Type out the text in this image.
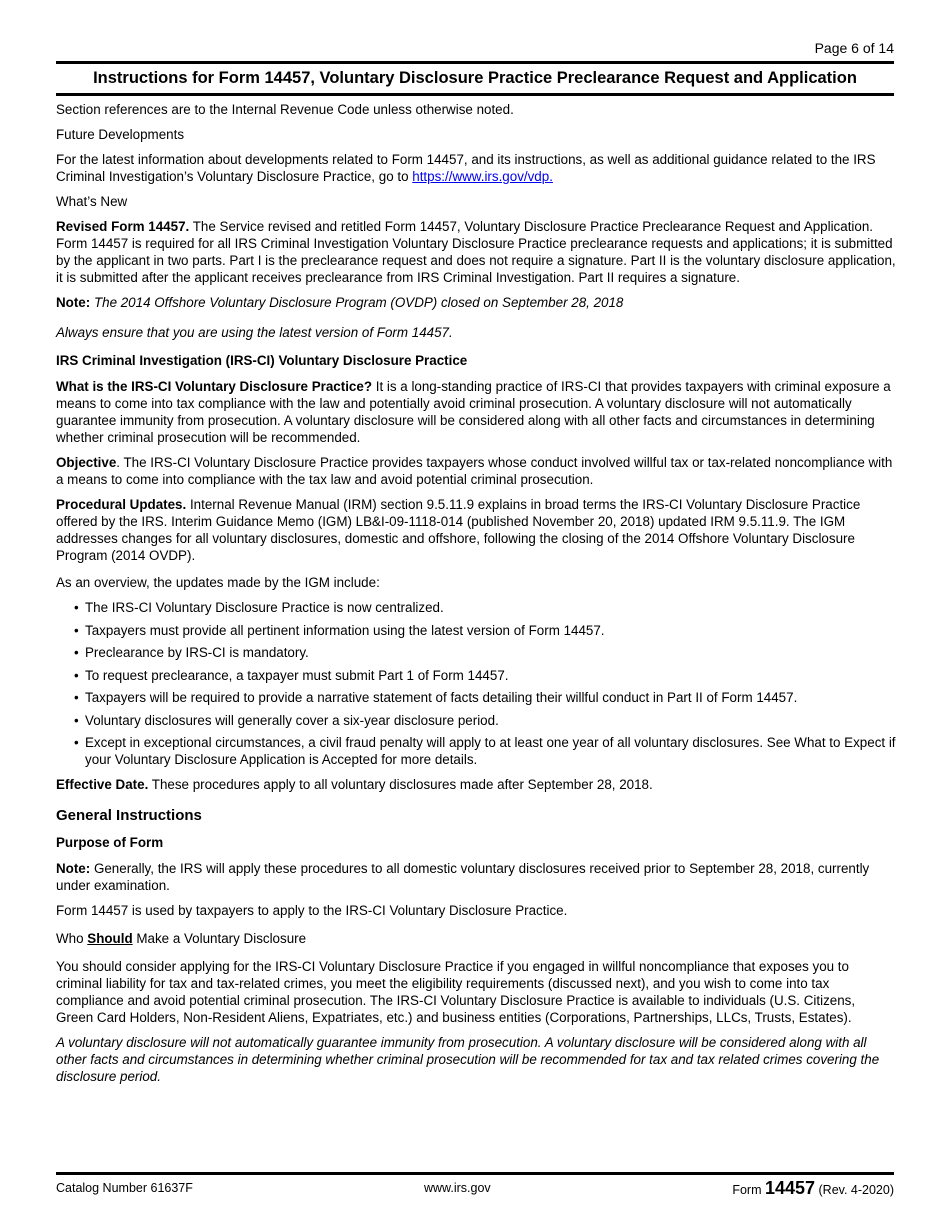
Page 6 of 14
Instructions for Form 14457, Voluntary Disclosure Practice Preclearance Request and Application

Section references are to the Internal Revenue Code unless otherwise noted.

Future Developments

For the latest information about developments related to Form 14457, and its instructions, as well as additional guidance related to the IRS Criminal Investigation’s Voluntary Disclosure Practice, go to https://www.irs.gov/vdp.

What’s New

Revised Form 14457. The Service revised and retitled Form 14457, Voluntary Disclosure Practice Preclearance Request and Application. Form 14457 is required for all IRS Criminal Investigation Voluntary Disclosure Practice preclearance requests and applications; it is submitted by the applicant in two parts. Part I is the preclearance request and does not require a signature. Part II is the voluntary disclosure application, it is submitted after the applicant receives preclearance from IRS Criminal Investigation. Part II requires a signature.

Note: The 2014 Offshore Voluntary Disclosure Program (OVDP) closed on September 28, 2018

Always ensure that you are using the latest version of Form 14457.

IRS Criminal Investigation (IRS-CI) Voluntary Disclosure Practice

What is the IRS-CI Voluntary Disclosure Practice? It is a long-standing practice of IRS-CI that provides taxpayers with criminal exposure a means to come into tax compliance with the law and potentially avoid criminal prosecution. A voluntary disclosure will not automatically guarantee immunity from prosecution. A voluntary disclosure will be considered along with all other facts and circumstances in determining whether criminal prosecution will be recommended.

Objective. The IRS-CI Voluntary Disclosure Practice provides taxpayers whose conduct involved willful tax or tax-related noncompliance with a means to come into compliance with the tax law and avoid potential criminal prosecution.

Procedural Updates. Internal Revenue Manual (IRM) section 9.5.11.9 explains in broad terms the IRS-CI Voluntary Disclosure Practice offered by the IRS. Interim Guidance Memo (IGM) LB&I-09-1118-014 (published November 20, 2018) updated IRM 9.5.11.9. The IGM addresses changes for all voluntary disclosures, domestic and offshore, following the closing of the 2014 Offshore Voluntary Disclosure Program (2014 OVDP).

As an overview, the updates made by the IGM include:

• The IRS-CI Voluntary Disclosure Practice is now centralized.
• Taxpayers must provide all pertinent information using the latest version of Form 14457.
• Preclearance by IRS-CI is mandatory.
• To request preclearance, a taxpayer must submit Part 1 of Form 14457.
• Taxpayers will be required to provide a narrative statement of facts detailing their willful conduct in Part II of Form 14457.
• Voluntary disclosures will generally cover a six-year disclosure period.
• Except in exceptional circumstances, a civil fraud penalty will apply to at least one year of all voluntary disclosures. See What to Expect if your Voluntary Disclosure Application is Accepted for more details.

Effective Date. These procedures apply to all voluntary disclosures made after September 28, 2018.

General Instructions

Purpose of Form

Note: Generally, the IRS will apply these procedures to all domestic voluntary disclosures received prior to September 28, 2018, currently under examination.

Form 14457 is used by taxpayers to apply to the IRS-CI Voluntary Disclosure Practice.

Who Should Make a Voluntary Disclosure

You should consider applying for the IRS-CI Voluntary Disclosure Practice if you engaged in willful noncompliance that exposes you to criminal liability for tax and tax-related crimes, you meet the eligibility requirements (discussed next), and you wish to come into tax compliance and avoid potential criminal prosecution. The IRS-CI Voluntary Disclosure Practice is available to individuals (U.S. Citizens, Green Card Holders, Non-Resident Aliens, Expatriates, etc.) and business entities (Corporations, Partnerships, LLCs, Trusts, Estates).

A voluntary disclosure will not automatically guarantee immunity from prosecution. A voluntary disclosure will be considered along with all other facts and circumstances in determining whether criminal prosecution will be recommended for tax and tax related crimes covering the disclosure period.

Catalog Number 61637F	www.irs.gov	Form 14457 (Rev. 4-2020)
